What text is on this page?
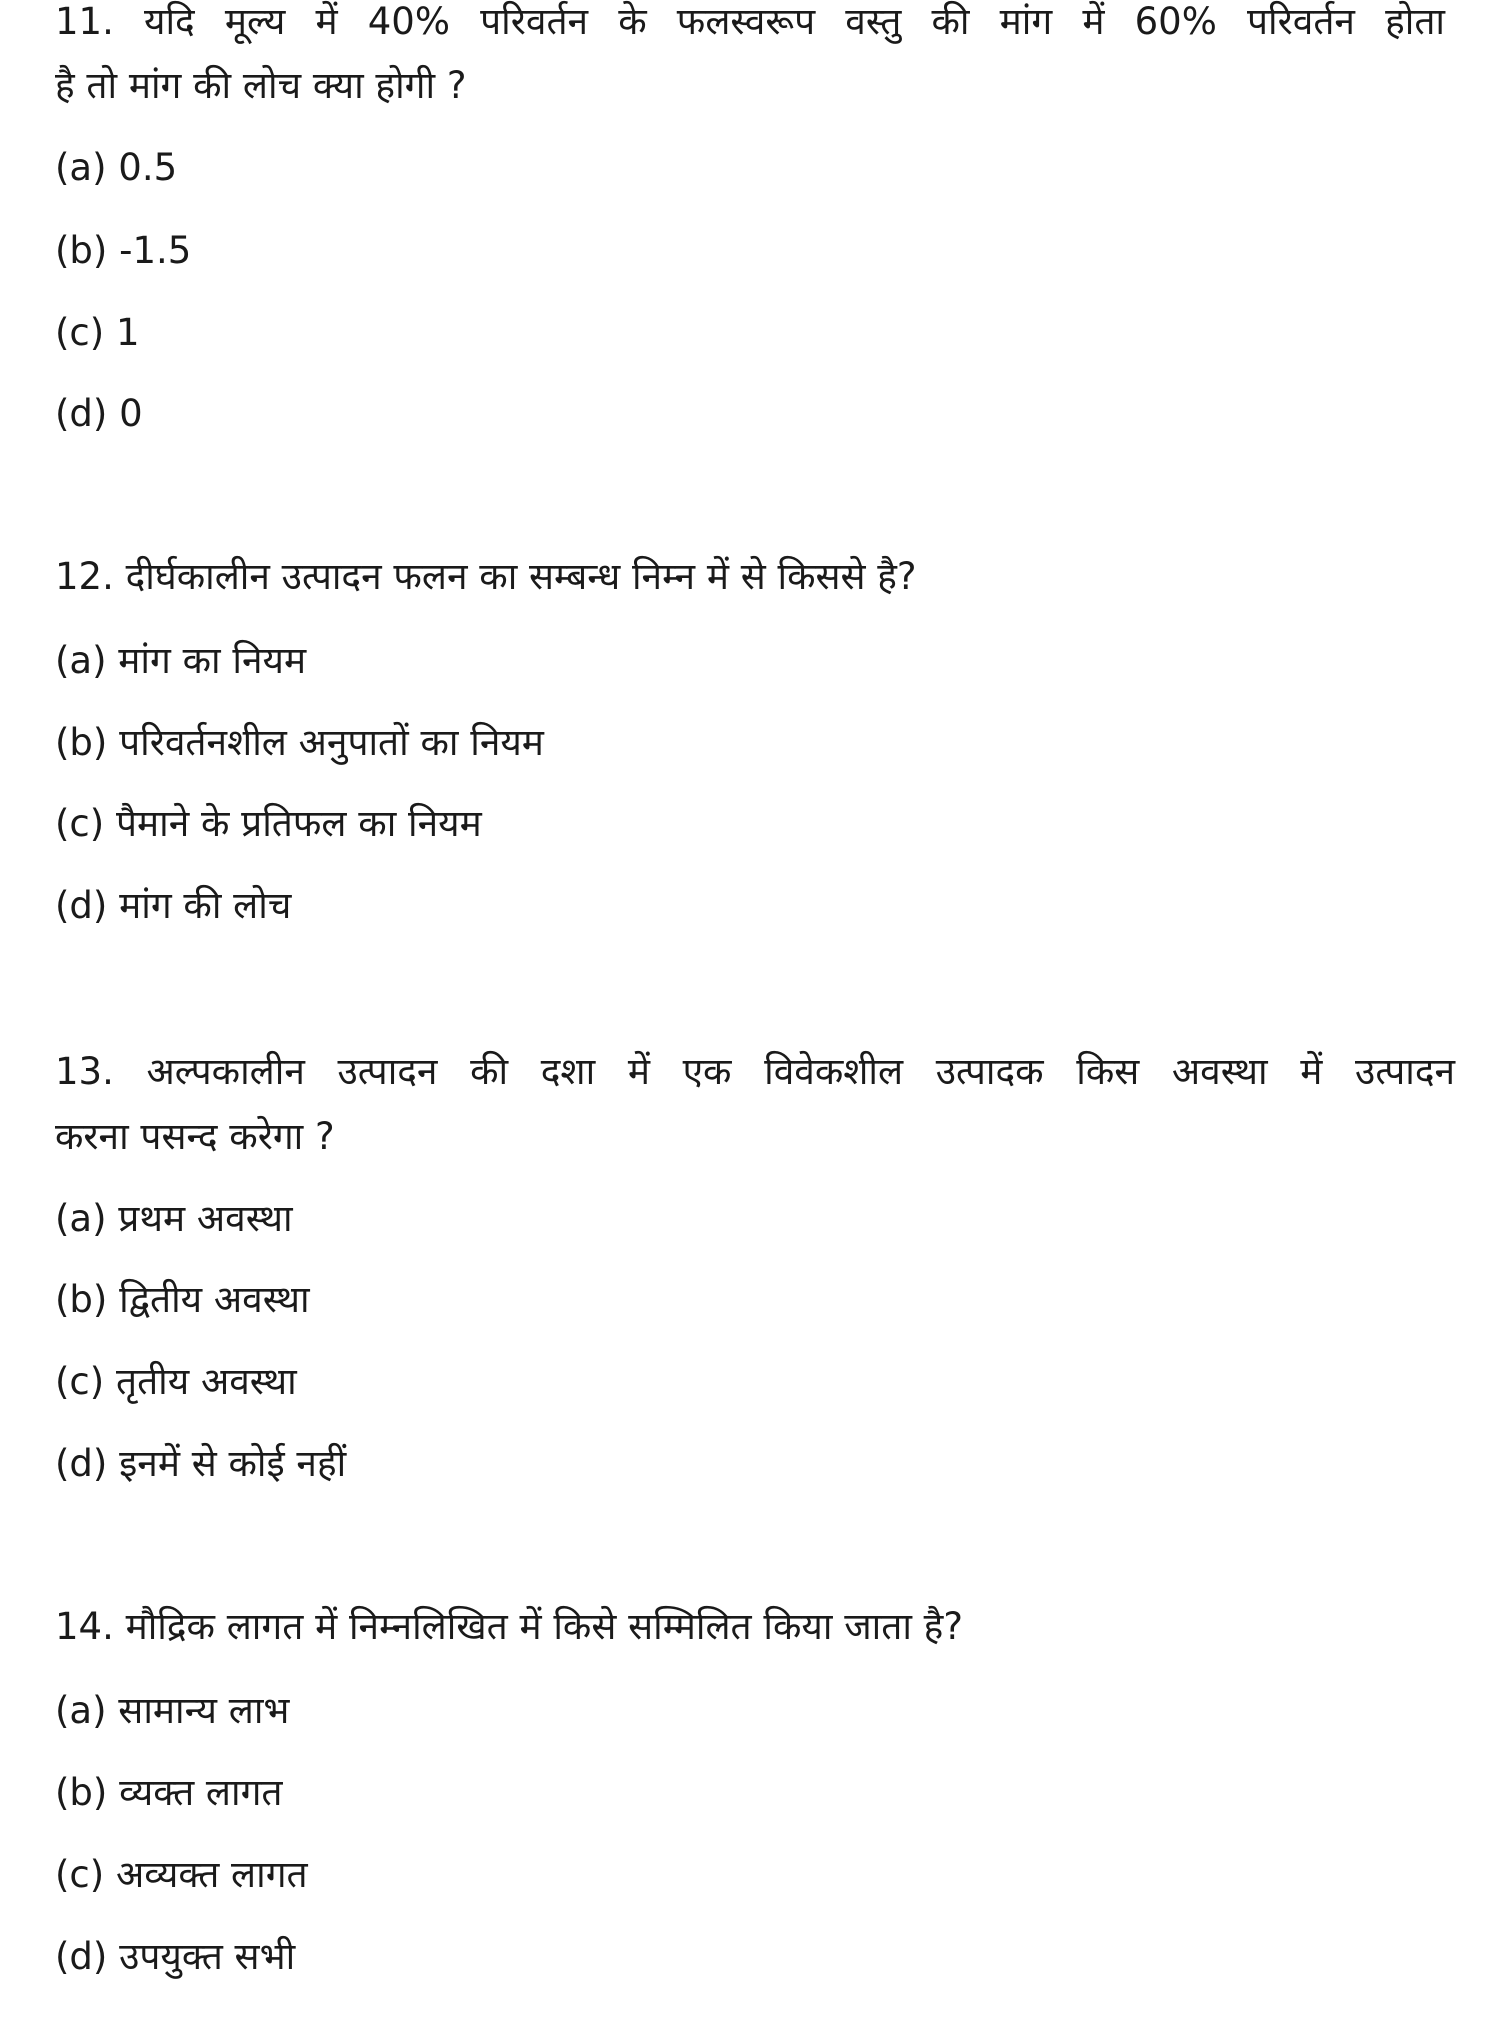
11. यदि मूल्य में 40% परिवर्तन के फलस्वरूप वस्तु की मांग में 60% परिवर्तन होता
है तो मांग की लोच क्या होगी ?
(a) 0.5
(b) -1.5
(c) 1
(d) 0
12. दीर्घकालीन उत्पादन फलन का सम्बन्ध निम्न में से किससे है?
(a) मांग का नियम
(b) परिवर्तनशील अनुपातों का नियम
(c) पैमाने के प्रतिफल का नियम
(d) मांग की लोच
13. अल्पकालीन उत्पादन की दशा में एक विवेकशील उत्पादक किस अवस्था में उत्पादन
करना पसन्द करेगा ?
(a) प्रथम अवस्था
(b) द्वितीय अवस्था
(c) तृतीय अवस्था
(d) इनमें से कोई नहीं
14. मौद्रिक लागत में निम्नलिखित में किसे सम्मिलित किया जाता है?
(a) सामान्य लाभ
(b) व्यक्त लागत
(c) अव्यक्त लागत
(d) उपयुक्त सभी
